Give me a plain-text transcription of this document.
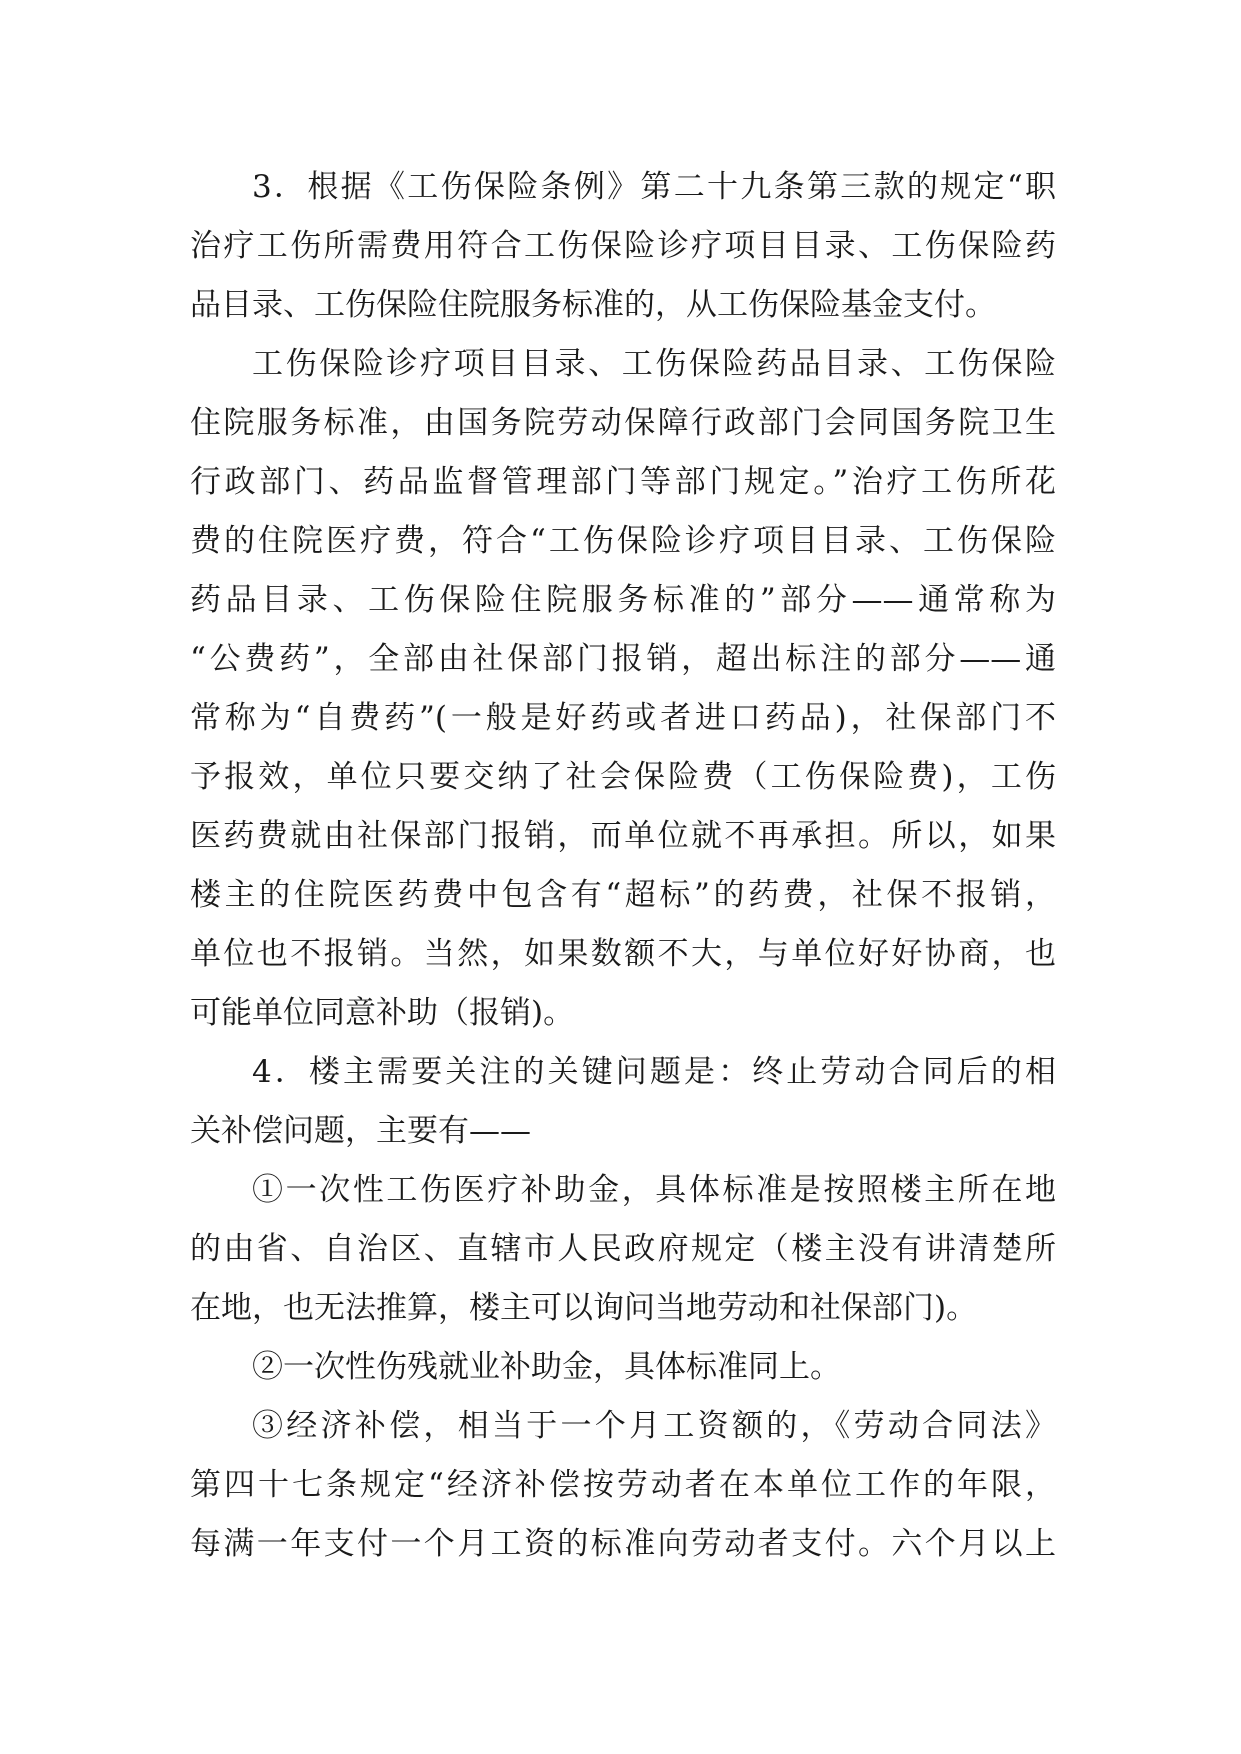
3．根据《工伤保险条例》第二十九条第三款的规定“职
治疗工伤所需费用符合工伤保险诊疗项目目录、工伤保险药
品目录、工伤保险住院服务标准的，从工伤保险基金支付。
工伤保险诊疗项目目录、工伤保险药品目录、工伤保险
住院服务标准，由国务院劳动保障行政部门会同国务院卫生
行政部门、药品监督管理部门等部门规定。”治疗工伤所花
费的住院医疗费，符合“工伤保险诊疗项目目录、工伤保险
药品目录、工伤保险住院服务标准的”部分——通常称为
“公费药”，全部由社保部门报销，超出标注的部分——通
常称为“自费药”(一般是好药或者进口药品)，社保部门不
予报效，单位只要交纳了社会保险费（工伤保险费)，工伤
医药费就由社保部门报销，而单位就不再承担。所以，如果
楼主的住院医药费中包含有“超标”的药费，社保不报销，
单位也不报销。当然，如果数额不大，与单位好好协商，也
可能单位同意补助（报销)。
4．楼主需要关注的关键问题是：终止劳动合同后的相
关补偿问题，主要有——
①一次性工伤医疗补助金，具体标准是按照楼主所在地
的由省、自治区、直辖市人民政府规定（楼主没有讲清楚所
在地，也无法推算，楼主可以询问当地劳动和社保部门)。
②一次性伤残就业补助金，具体标准同上。
③经济补偿，相当于一个月工资额的，《劳动合同法》
第四十七条规定“经济补偿按劳动者在本单位工作的年限，
每满一年支付一个月工资的标准向劳动者支付。六个月以上
